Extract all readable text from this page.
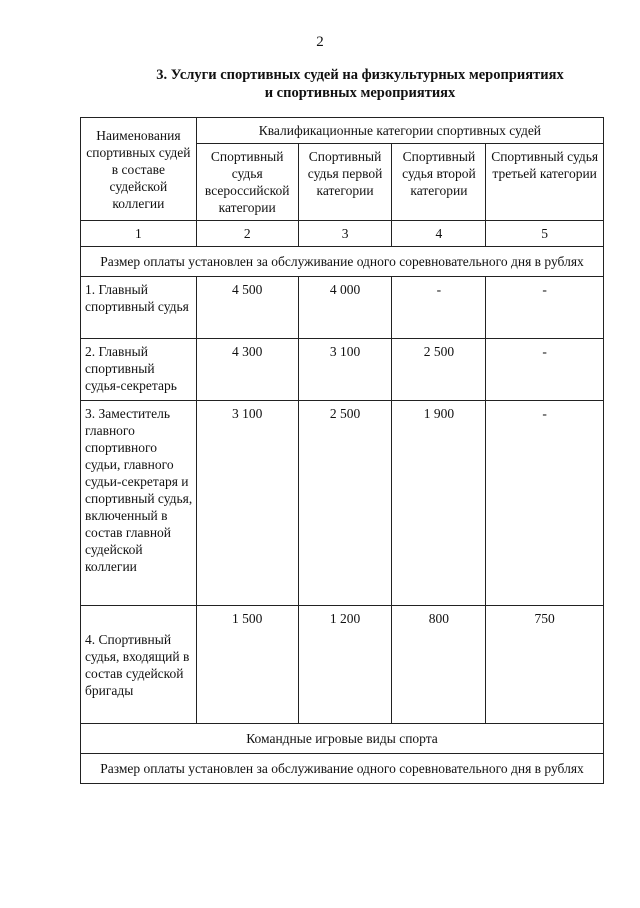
2
3. Услуги спортивных судей на физкультурных мероприятиях
и спортивных мероприятиях
Наименования спортивных судей в составе судейской коллегии	Квалификационные категории спортивных судей			
	Спортивный судья всероссийской категории	Спортивный судья первой категории	Спортивный судья второй категории	Спортивный судья третьей категории
1	2	3	4	5
Размер оплаты установлен за обслуживание одного соревновательного дня в рублях				
1. Главный спортивный судья	4 500	4 000	-	-
2. Главный спортивный судья-секретарь	4 300	3 100	2 500	-
3. Заместитель главного спортивного судьи, главного судьи-секретаря и спортивный судья, включенный в состав главной судейской коллегии	3 100	2 500	1 900	-
4. Спортивный судья, входящий в состав судейской бригады	1 500	1 200	800	750
Командные игровые виды спорта				
Размер оплаты установлен за обслуживание одного соревновательного дня в рублях				
